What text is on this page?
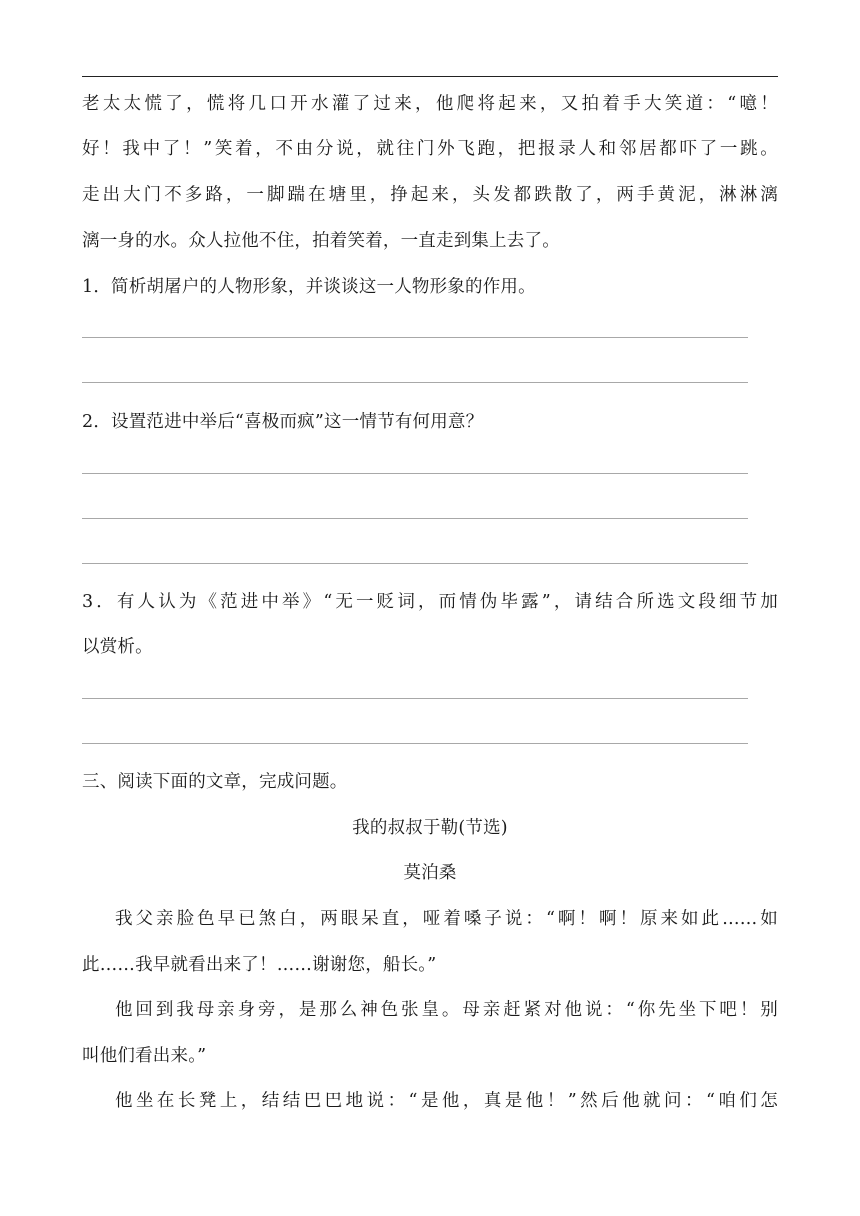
老太太慌了，慌将几口开水灌了过来，他爬将起来，又拍着手大笑道：“噫！
好！我中了！”笑着，不由分说，就往门外飞跑，把报录人和邻居都吓了一跳。
走出大门不多路，一脚踹在塘里，挣起来，头发都跌散了，两手黄泥，淋淋漓
漓一身的水。众人拉他不住，拍着笑着，一直走到集上去了。
1．简析胡屠户的人物形象，并谈谈这一人物形象的作用。
2．设置范进中举后“喜极而疯”这一情节有何用意？
3．有人认为《范进中举》“无一贬词，而情伪毕露”，请结合所选文段细节加
以赏析。
三、阅读下面的文章，完成问题。
我的叔叔于勒(节选)
莫泊桑
我父亲脸色早已煞白，两眼呆直，哑着嗓子说：“啊！啊！原来如此……如
此……我早就看出来了！……谢谢您，船长。”
他回到我母亲身旁，是那么神色张皇。母亲赶紧对他说：“你先坐下吧！别
叫他们看出来。”
他坐在长凳上，结结巴巴地说：“是他，真是他！”然后他就问：“咱们怎
